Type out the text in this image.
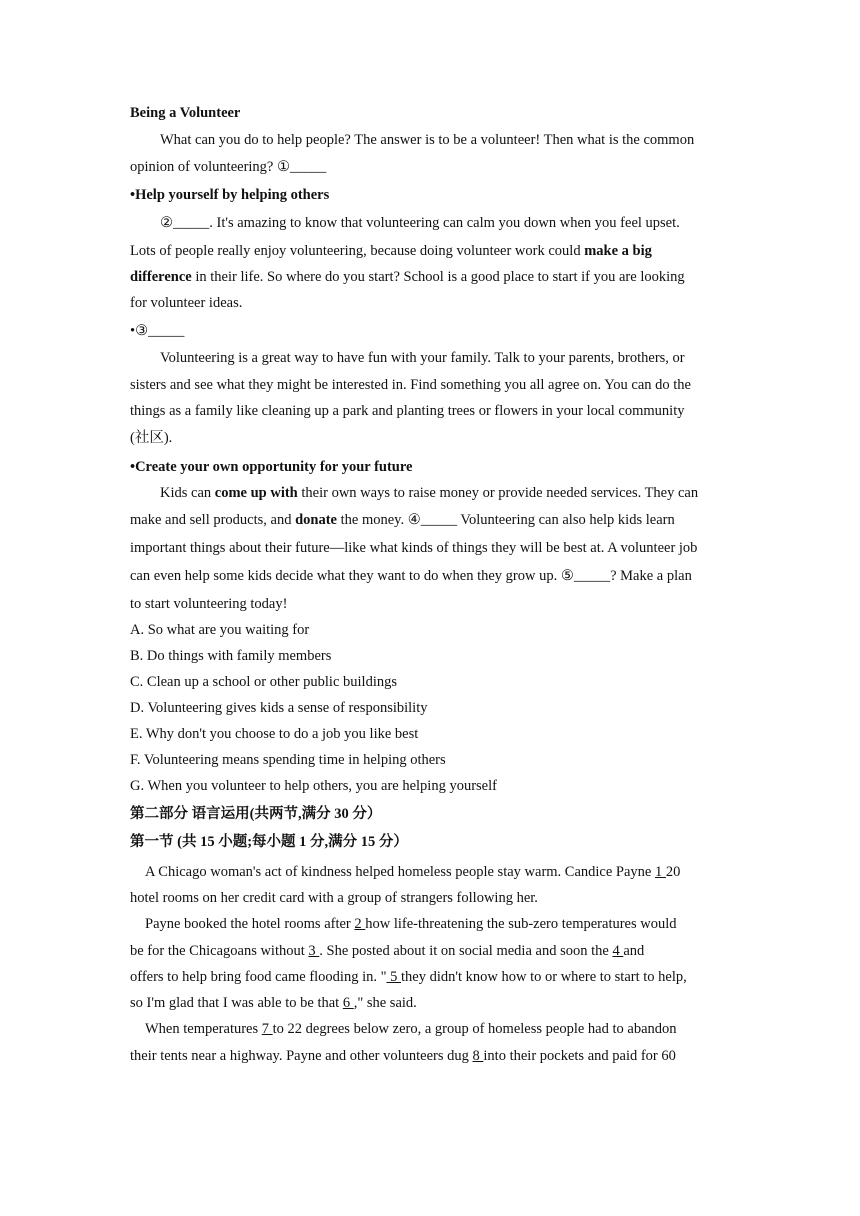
Being a Volunteer
What can you do to help people? The answer is to be a volunteer! Then what is the common
opinion of volunteering? ①_____
•Help yourself by helping others
②_____. It's amazing to know that volunteering can calm you down when you feel upset.
Lots of people really enjoy volunteering, because doing volunteer work could make a big
difference in their life. So where do you start? School is a good place to start if you are looking
for volunteer ideas.
•③_____
Volunteering is a great way to have fun with your family. Talk to your parents, brothers, or
sisters and see what they might be interested in. Find something you all agree on. You can do the
things as a family like cleaning up a park and planting trees or flowers in your local community
(社区).
•Create your own opportunity for your future
Kids can come up with their own ways to raise money or provide needed services. They can
make and sell products, and donate the money. ④_____ Volunteering can also help kids learn
important things about their future—like what kinds of things they will be best at. A volunteer job
can even help some kids decide what they want to do when they grow up. ⑤_____? Make a plan
to start volunteering today!
A. So what are you waiting for
B. Do things with family members
C. Clean up a school or other public buildings
D. Volunteering gives kids a sense of responsibility
E. Why don't you choose to do a job you like best
F. Volunteering means spending time in helping others
G. When you volunteer to help others, you are helping yourself
第二部分 语言运用(共两节,满分 30 分）
第一节 (共 15 小题;每小题 1 分,满分 15 分）
A Chicago woman's act of kindness helped homeless people stay warm. Candice Payne 1 20
hotel rooms on her credit card with a group of strangers following her.
Payne booked the hotel rooms after 2 how life-threatening the sub-zero temperatures would
be for the Chicagoans without 3 . She posted about it on social media and soon the 4 and
offers to help bring food came flooding in. " 5 they didn't know how to or where to start to help,
so I'm glad that I was able to be that 6 ," she said.
When temperatures 7 to 22 degrees below zero, a group of homeless people had to abandon
their tents near a highway. Payne and other volunteers dug 8 into their pockets and paid for 60
